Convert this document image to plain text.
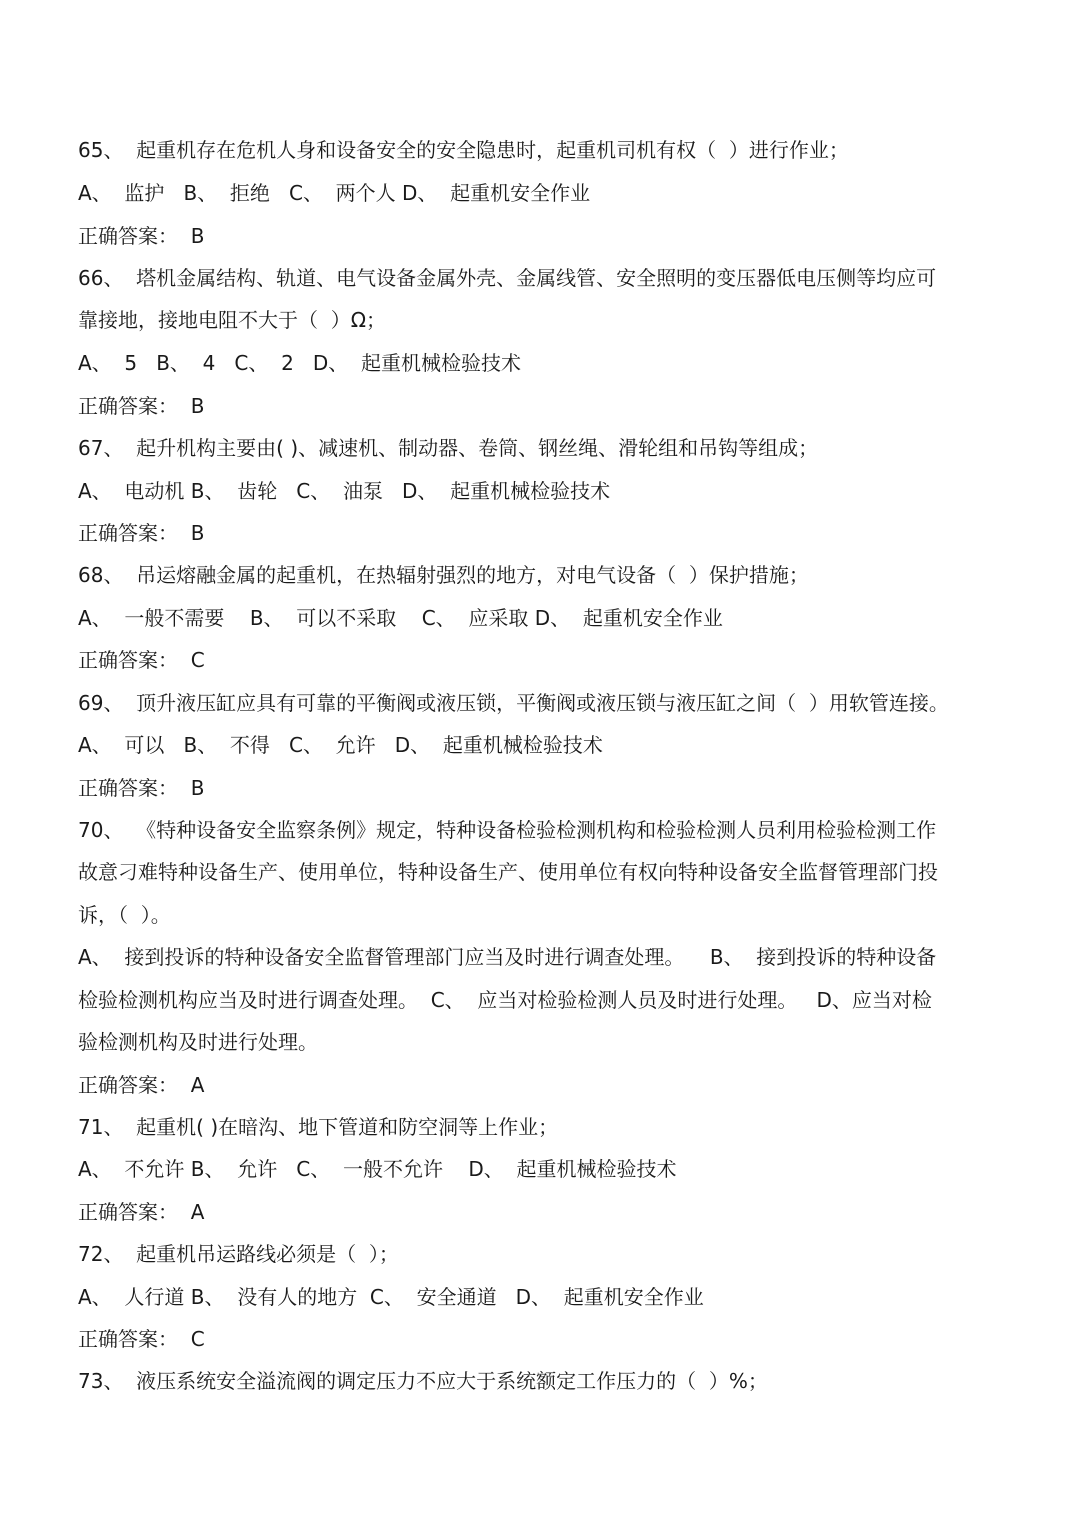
65、  起重机存在危机人身和设备安全的安全隐患时，起重机司机有权（  ）进行作业；
A、  监护   B、  拒绝   C、  两个人 D、  起重机安全作业
正确答案：  B
66、  塔机金属结构、轨道、电气设备金属外壳、金属线管、安全照明的变压器低电压侧等均应可
靠接地，接地电阻不大于（  ）Ω；
A、  5   B、  4   C、  2   D、  起重机械检验技术
正确答案：  B
67、  起升机构主要由( )、减速机、制动器、卷筒、钢丝绳、滑轮组和吊钩等组成；
A、  电动机 B、  齿轮   C、  油泵   D、  起重机械检验技术
正确答案：  B
68、  吊运熔融金属的起重机，在热辐射强烈的地方，对电气设备（  ）保护措施；
A、  一般不需要    B、  可以不采取    C、  应采取 D、  起重机安全作业
正确答案：  C
69、  顶升液压缸应具有可靠的平衡阀或液压锁，平衡阀或液压锁与液压缸之间（  ）用软管连接。
A、  可以   B、  不得   C、  允许   D、  起重机械检验技术
正确答案：  B
70、  《特种设备安全监察条例》规定，特种设备检验检测机构和检验检测人员利用检验检测工作
故意刁难特种设备生产、使用单位，特种设备生产、使用单位有权向特种设备安全监督管理部门投
诉，（  ）。
A、  接到投诉的特种设备安全监督管理部门应当及时进行调查处理。    B、  接到投诉的特种设备
检验检测机构应当及时进行调查处理。  C、  应当对检验检测人员及时进行处理。   D、应当对检
验检测机构及时进行处理。
正确答案：  A
71、  起重机( )在暗沟、地下管道和防空洞等上作业；
A、  不允许 B、  允许   C、  一般不允许    D、  起重机械检验技术
正确答案：  A
72、  起重机吊运路线必须是（  ）；
A、  人行道 B、  没有人的地方  C、  安全通道   D、  起重机安全作业
正确答案：  C
73、  液压系统安全溢流阀的调定压力不应大于系统额定工作压力的（  ）%；
